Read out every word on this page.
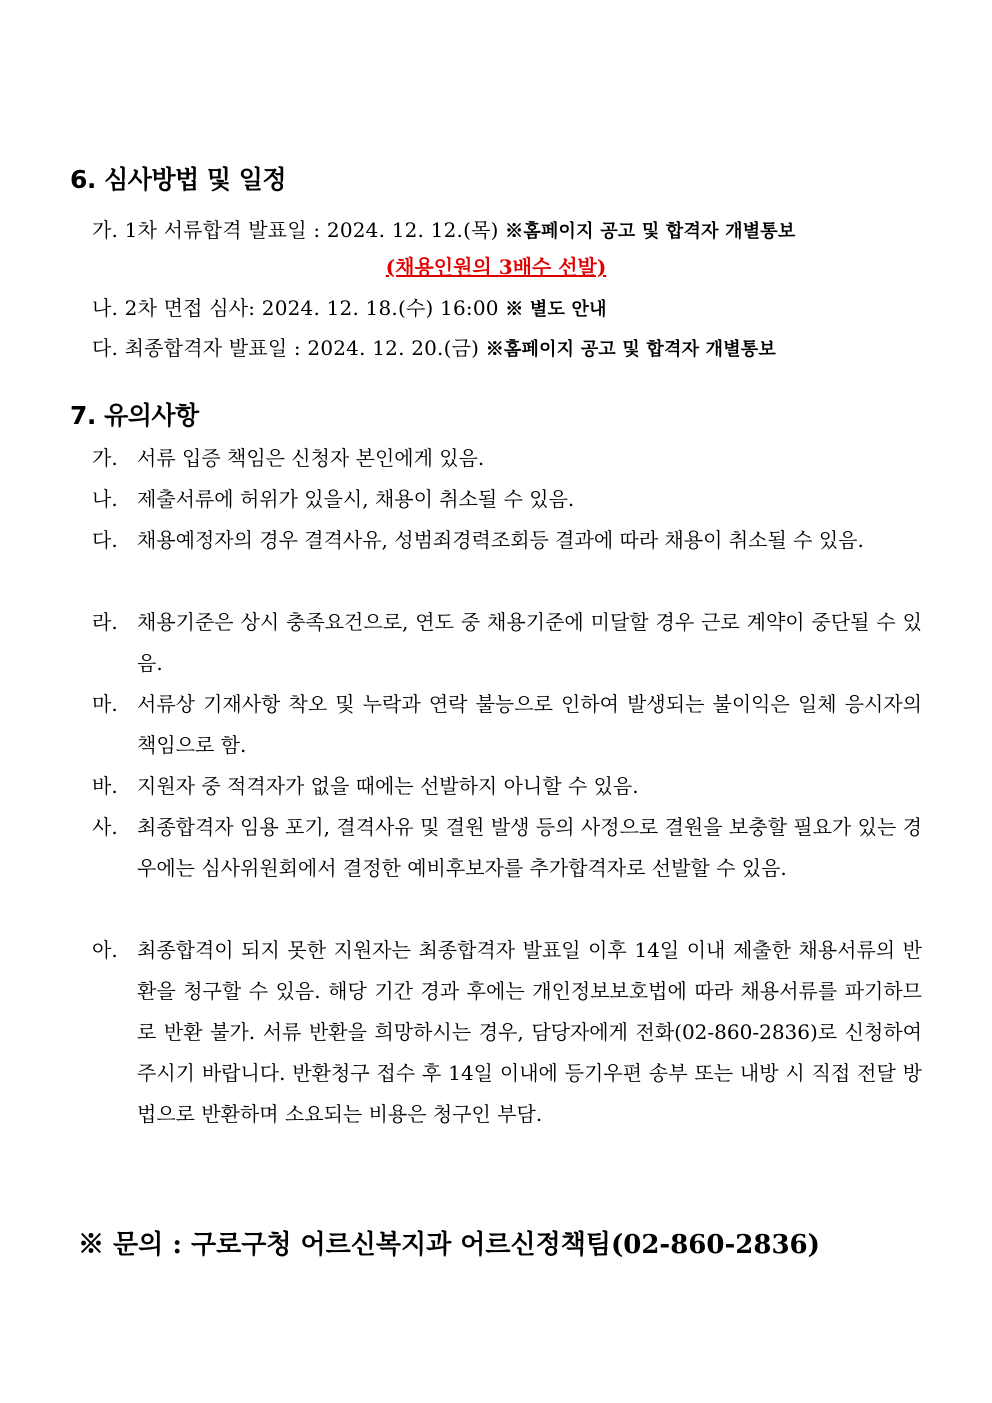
6. 심사방법 및 일정
가. 1차 서류합격 발표일 : 2024. 12. 12.(목) ※홈페이지 공고 및 합격자 개별통보
(채용인원의 3배수 선발)
나. 2차 면접 심사: 2024. 12. 18.(수) 16:00 ※ 별도 안내
다. 최종합격자 발표일 : 2024. 12. 20.(금) ※홈페이지 공고 및 합격자 개별통보
7. 유의사항
가. 서류 입증 책임은 신청자 본인에게 있음.
나. 제출서류에 허위가 있을시, 채용이 취소될 수 있음.
다. 채용예정자의 경우 결격사유, 성범죄경력조회등 결과에 따라 채용이 취소될 수 있음.
라. 채용기준은 상시 충족요건으로, 연도 중 채용기준에 미달할 경우 근로 계약이 중단될 수 있음.
마. 서류상 기재사항 착오 및 누락과 연락 불능으로 인하여 발생되는 불이익은 일체 응시자의 책임으로 함.
바. 지원자 중 적격자가 없을 때에는 선발하지 아니할 수 있음.
사. 최종합격자 임용 포기, 결격사유 및 결원 발생 등의 사정으로 결원을 보충할 필요가 있는 경우에는 심사위원회에서 결정한 예비후보자를 추가합격자로 선발할 수 있음.
아. 최종합격이 되지 못한 지원자는 최종합격자 발표일 이후 14일 이내 제출한 채용서류의 반환을 청구할 수 있음. 해당 기간 경과 후에는 개인정보보호법에 따라 채용서류를 파기하므로 반환 불가. 서류 반환을 희망하시는 경우, 담당자에게 전화(02-860-2836)로 신청하여 주시기 바랍니다. 반환청구 접수 후 14일 이내에 등기우편 송부 또는 내방 시 직접 전달 방법으로 반환하며 소요되는 비용은 청구인 부담.
※ 문의 : 구로구청 어르신복지과 어르신정책팀(02-860-2836)
